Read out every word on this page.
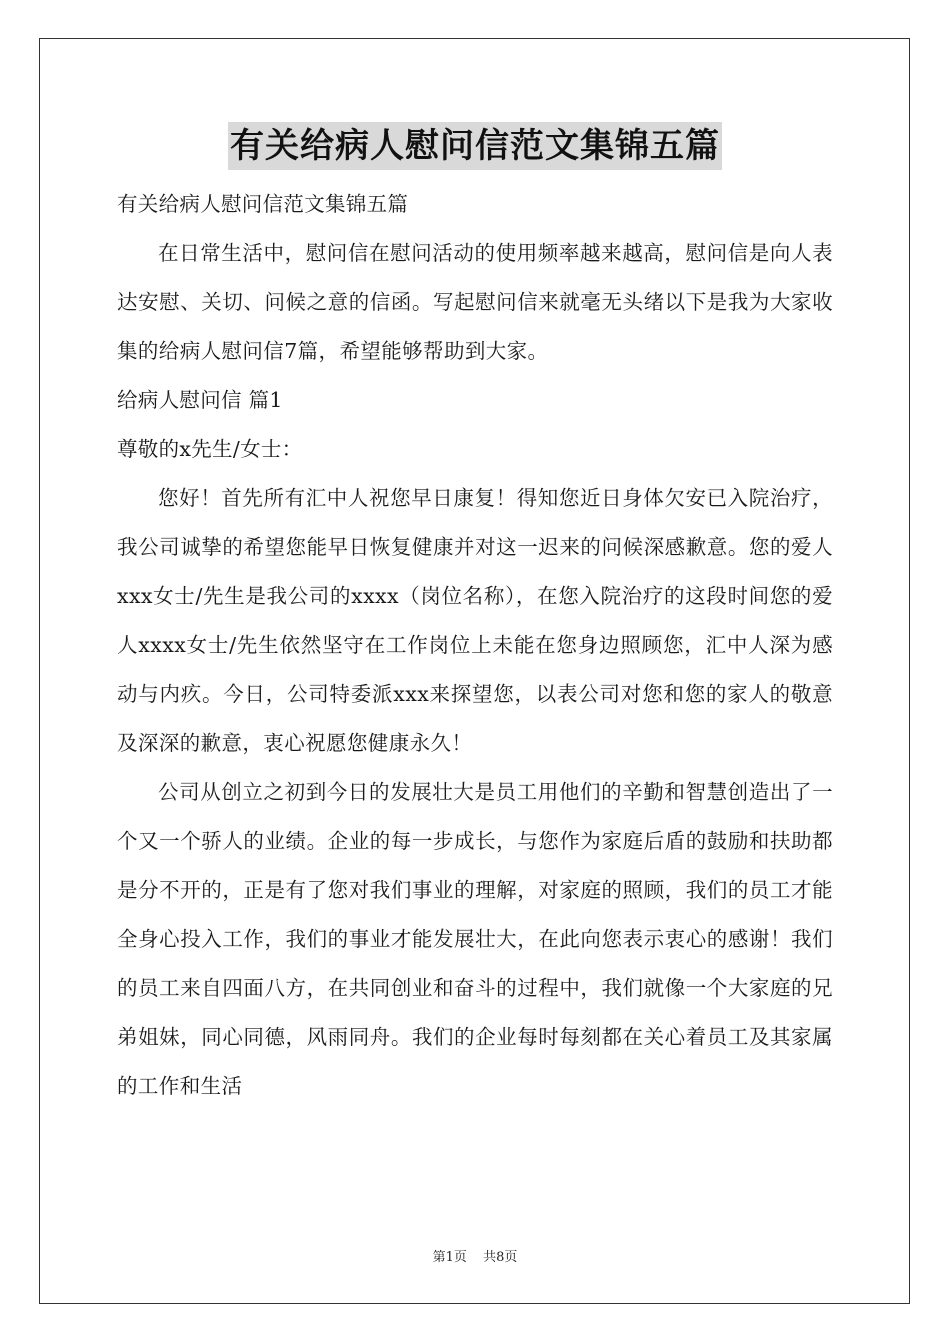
有关给病人慰问信范文集锦五篇
有关给病人慰问信范文集锦五篇

在日常生活中，慰问信在慰问活动的使用频率越来越高，慰问信是向人表达安慰、关切、问候之意的信函。写起慰问信来就毫无头绪以下是我为大家收集的给病人慰问信7篇，希望能够帮助到大家。

给病人慰问信 篇1
尊敬的x先生/女士：

您好！首先所有汇中人祝您早日康复！得知您近日身体欠安已入院治疗，我公司诚挚的希望您能早日恢复健康并对这一迟来的问候深感歉意。您的爱人xxx女士/先生是我公司的xxxx（岗位名称），在您入院治疗的这段时间您的爱人xxxx女士/先生依然坚守在工作岗位上未能在您身边照顾您，汇中人深为感动与内疚。今日，公司特委派xxx来探望您，以表公司对您和您的家人的敬意及深深的歉意，衷心祝愿您健康永久！

公司从创立之初到今日的发展壮大是员工用他们的辛勤和智慧创造出了一个又一个骄人的业绩。企业的每一步成长，与您作为家庭后盾的鼓励和扶助都是分不开的，正是有了您对我们事业的理解，对家庭的照顾，我们的员工才能全身心投入工作，我们的事业才能发展壮大，在此向您表示衷心的感谢！我们的员工来自四面八方，在共同创业和奋斗的过程中，我们就像一个大家庭的兄弟姐妹，同心同德，风雨同舟。我们的企业每时每刻都在关心着员工及其家属的工作和生活

第1页 共8页
